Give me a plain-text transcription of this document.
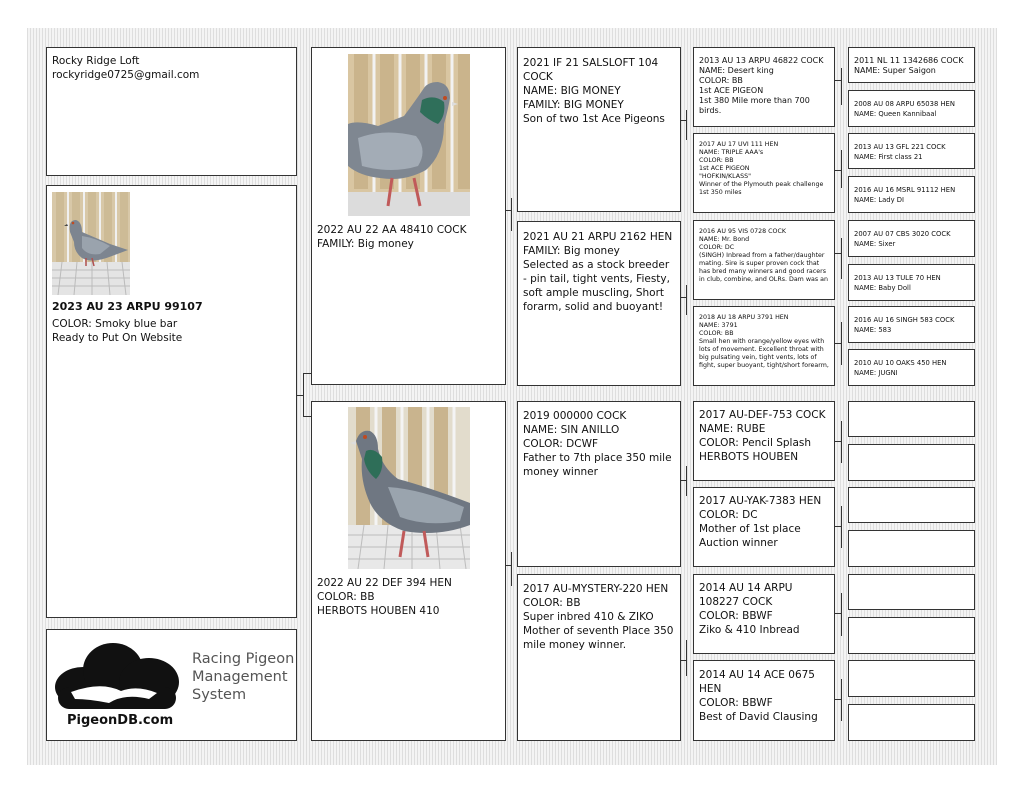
Rocky Ridge Loft
rockyridge0725@gmail.com
2023 AU 23 ARPU 99107
COLOR: Smoky blue bar
Ready to Put On Website
Racing Pigeon
Management
System
PigeonDB.com
2022 AU 22 AA 48410 COCK
FAMILY: Big money
2022 AU 22 DEF 394 HEN
COLOR: BB
HERBOTS HOUBEN 410
2021 IF 21 SALSLOFT 104 COCK
NAME: BIG MONEY
FAMILY: BIG MONEY
Son of two 1st Ace Pigeons
2021 AU 21 ARPU 2162 HEN
FAMILY: Big money
Selected as a stock breeder - pin tail, tight vents, Fiesty, soft ample muscling, Short forarm, solid and buoyant!
2019 000000 COCK
NAME: SIN ANILLO
COLOR: DCWF
Father to 7th place 350 mile money winner
2017 AU-MYSTERY-220 HEN
COLOR: BB
Super inbred 410 & ZIKO
Mother of seventh Place 350 mile money winner.
2013 AU 13 ARPU 46822 COCK
NAME: Desert king
COLOR: BB
1st ACE PIGEON
1st 380 Mile more than 700 birds.
2017 AU 17 UVI 111 HEN
NAME: TRIPLE AAA's
COLOR: BB
1st ACE PIGEON
"HOFKIN/KLASS"
Winner of the Plymouth peak challenge
1st 350 miles
2016 AU 95 VIS 0728 COCK
NAME: Mr. Bond
COLOR: DC
(SINGH) Inbread from a father/daughter mating. Sire is super proven cock that has bred many winners and good racers in club, combine, and OLRs. Dam was an
2018 AU 18 ARPU 3791 HEN
NAME: 3791
COLOR: BB
Small hen with orange/yellow eyes with lots of movement. Excellent throat with big pulsating vein, tight vents, lots of fight, super buoyant, tight/short forearm,
2017 AU-DEF-753 COCK
NAME: RUBE
COLOR: Pencil Splash
HERBOTS HOUBEN
2017 AU-YAK-7383 HEN
COLOR: DC
Mother of 1st place
Auction winner
2014 AU 14 ARPU 108227 COCK
COLOR: BBWF
Ziko & 410 Inbread
2014 AU 14 ACE 0675 HEN
COLOR: BBWF
Best of David Clausing
2011 NL 11 1342686 COCK
NAME: Super Saigon
2008 AU 08 ARPU 65038 HEN
NAME: Queen Kannibaal
2013 AU 13 GFL 221 COCK
NAME: First class 21
2016 AU 16 MSRL 91112 HEN
NAME: Lady DI
2007 AU 07 CBS 3020 COCK
NAME: Sixer
2013 AU 13 TULE 70 HEN
NAME: Baby Doll
2016 AU 16 SINGH 583 COCK
NAME: 583
2010 AU 10 OAKS 450 HEN
NAME: JUGNI
